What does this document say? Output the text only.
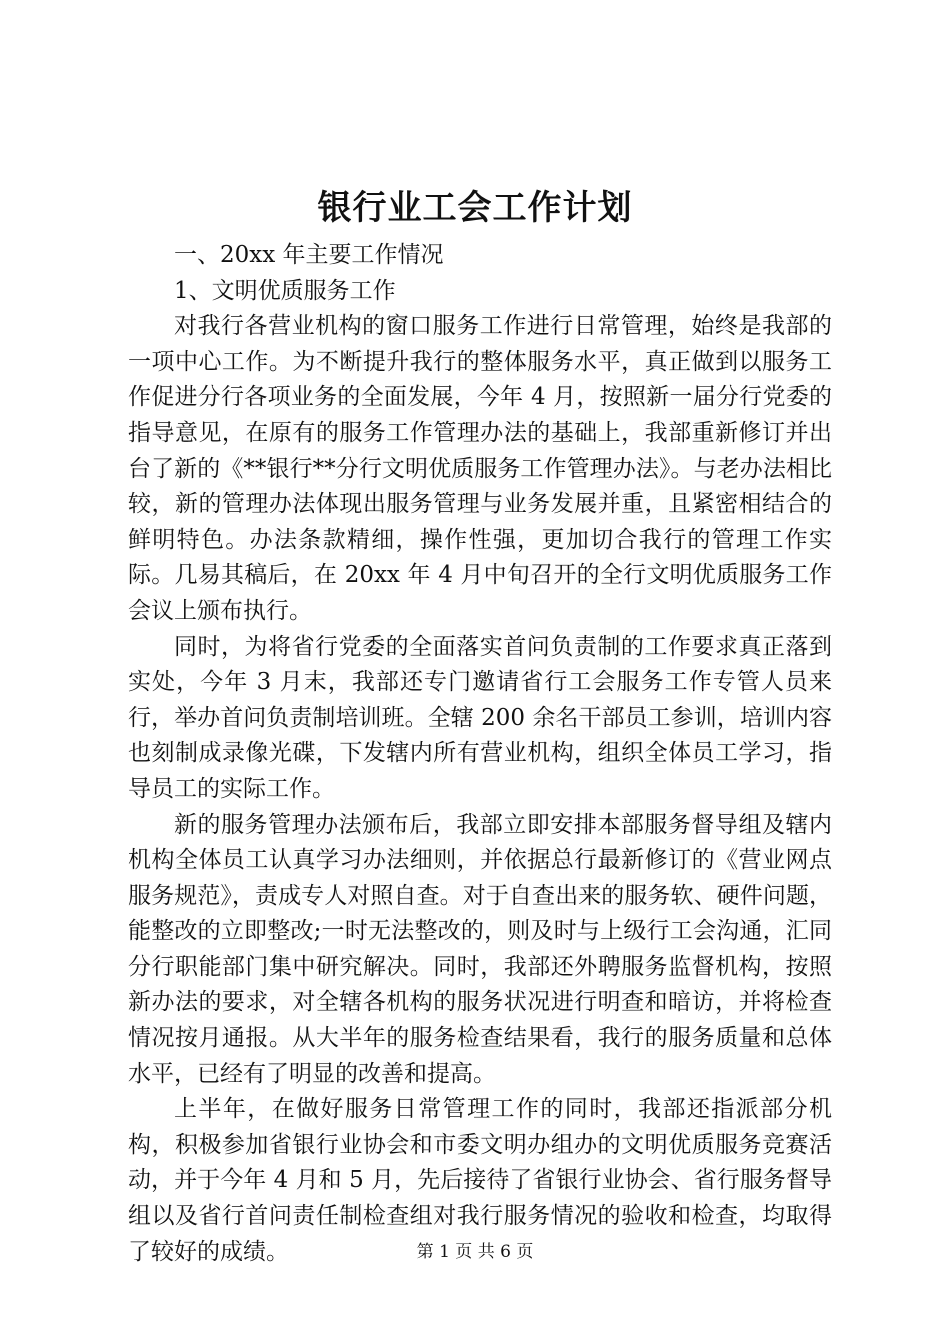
银行业工会工作计划

一、20xx 年主要工作情况

1、文明优质服务工作

对我行各营业机构的窗口服务工作进行日常管理，始终是我部的一项中心工作。为不断提升我行的整体服务水平，真正做到以服务工作促进分行各项业务的全面发展，今年 4 月，按照新一届分行党委的指导意见，在原有的服务工作管理办法的基础上，我部重新修订并出台了新的《**银行**分行文明优质服务工作管理办法》。与老办法相比较，新的管理办法体现出服务管理与业务发展并重，且紧密相结合的鲜明特色。办法条款精细，操作性强，更加切合我行的管理工作实际。几易其稿后，在 20xx 年 4 月中旬召开的全行文明优质服务工作会议上颁布执行。

同时，为将省行党委的全面落实首问负责制的工作要求真正落到实处，今年 3 月末，我部还专门邀请省行工会服务工作专管人员来行，举办首问负责制培训班。全辖 200 余名干部员工参训，培训内容也刻制成录像光碟，下发辖内所有营业机构，组织全体员工学习，指导员工的实际工作。

新的服务管理办法颁布后，我部立即安排本部服务督导组及辖内机构全体员工认真学习办法细则，并依据总行最新修订的《营业网点服务规范》，责成专人对照自查。对于自查出来的服务软、硬件问题，能整改的立即整改;一时无法整改的，则及时与上级行工会沟通，汇同分行职能部门集中研究解决。同时，我部还外聘服务监督机构，按照新办法的要求，对全辖各机构的服务状况进行明查和暗访，并将检查情况按月通报。从大半年的服务检查结果看，我行的服务质量和总体水平，已经有了明显的改善和提高。

上半年，在做好服务日常管理工作的同时，我部还指派部分机构，积极参加省银行业协会和市委文明办组办的文明优质服务竞赛活动，并于今年 4 月和 5 月，先后接待了省银行业协会、省行服务督导组以及省行首问责任制检查组对我行服务情况的验收和检查，均取得了较好的成绩。	第 1 页 共 6 页
